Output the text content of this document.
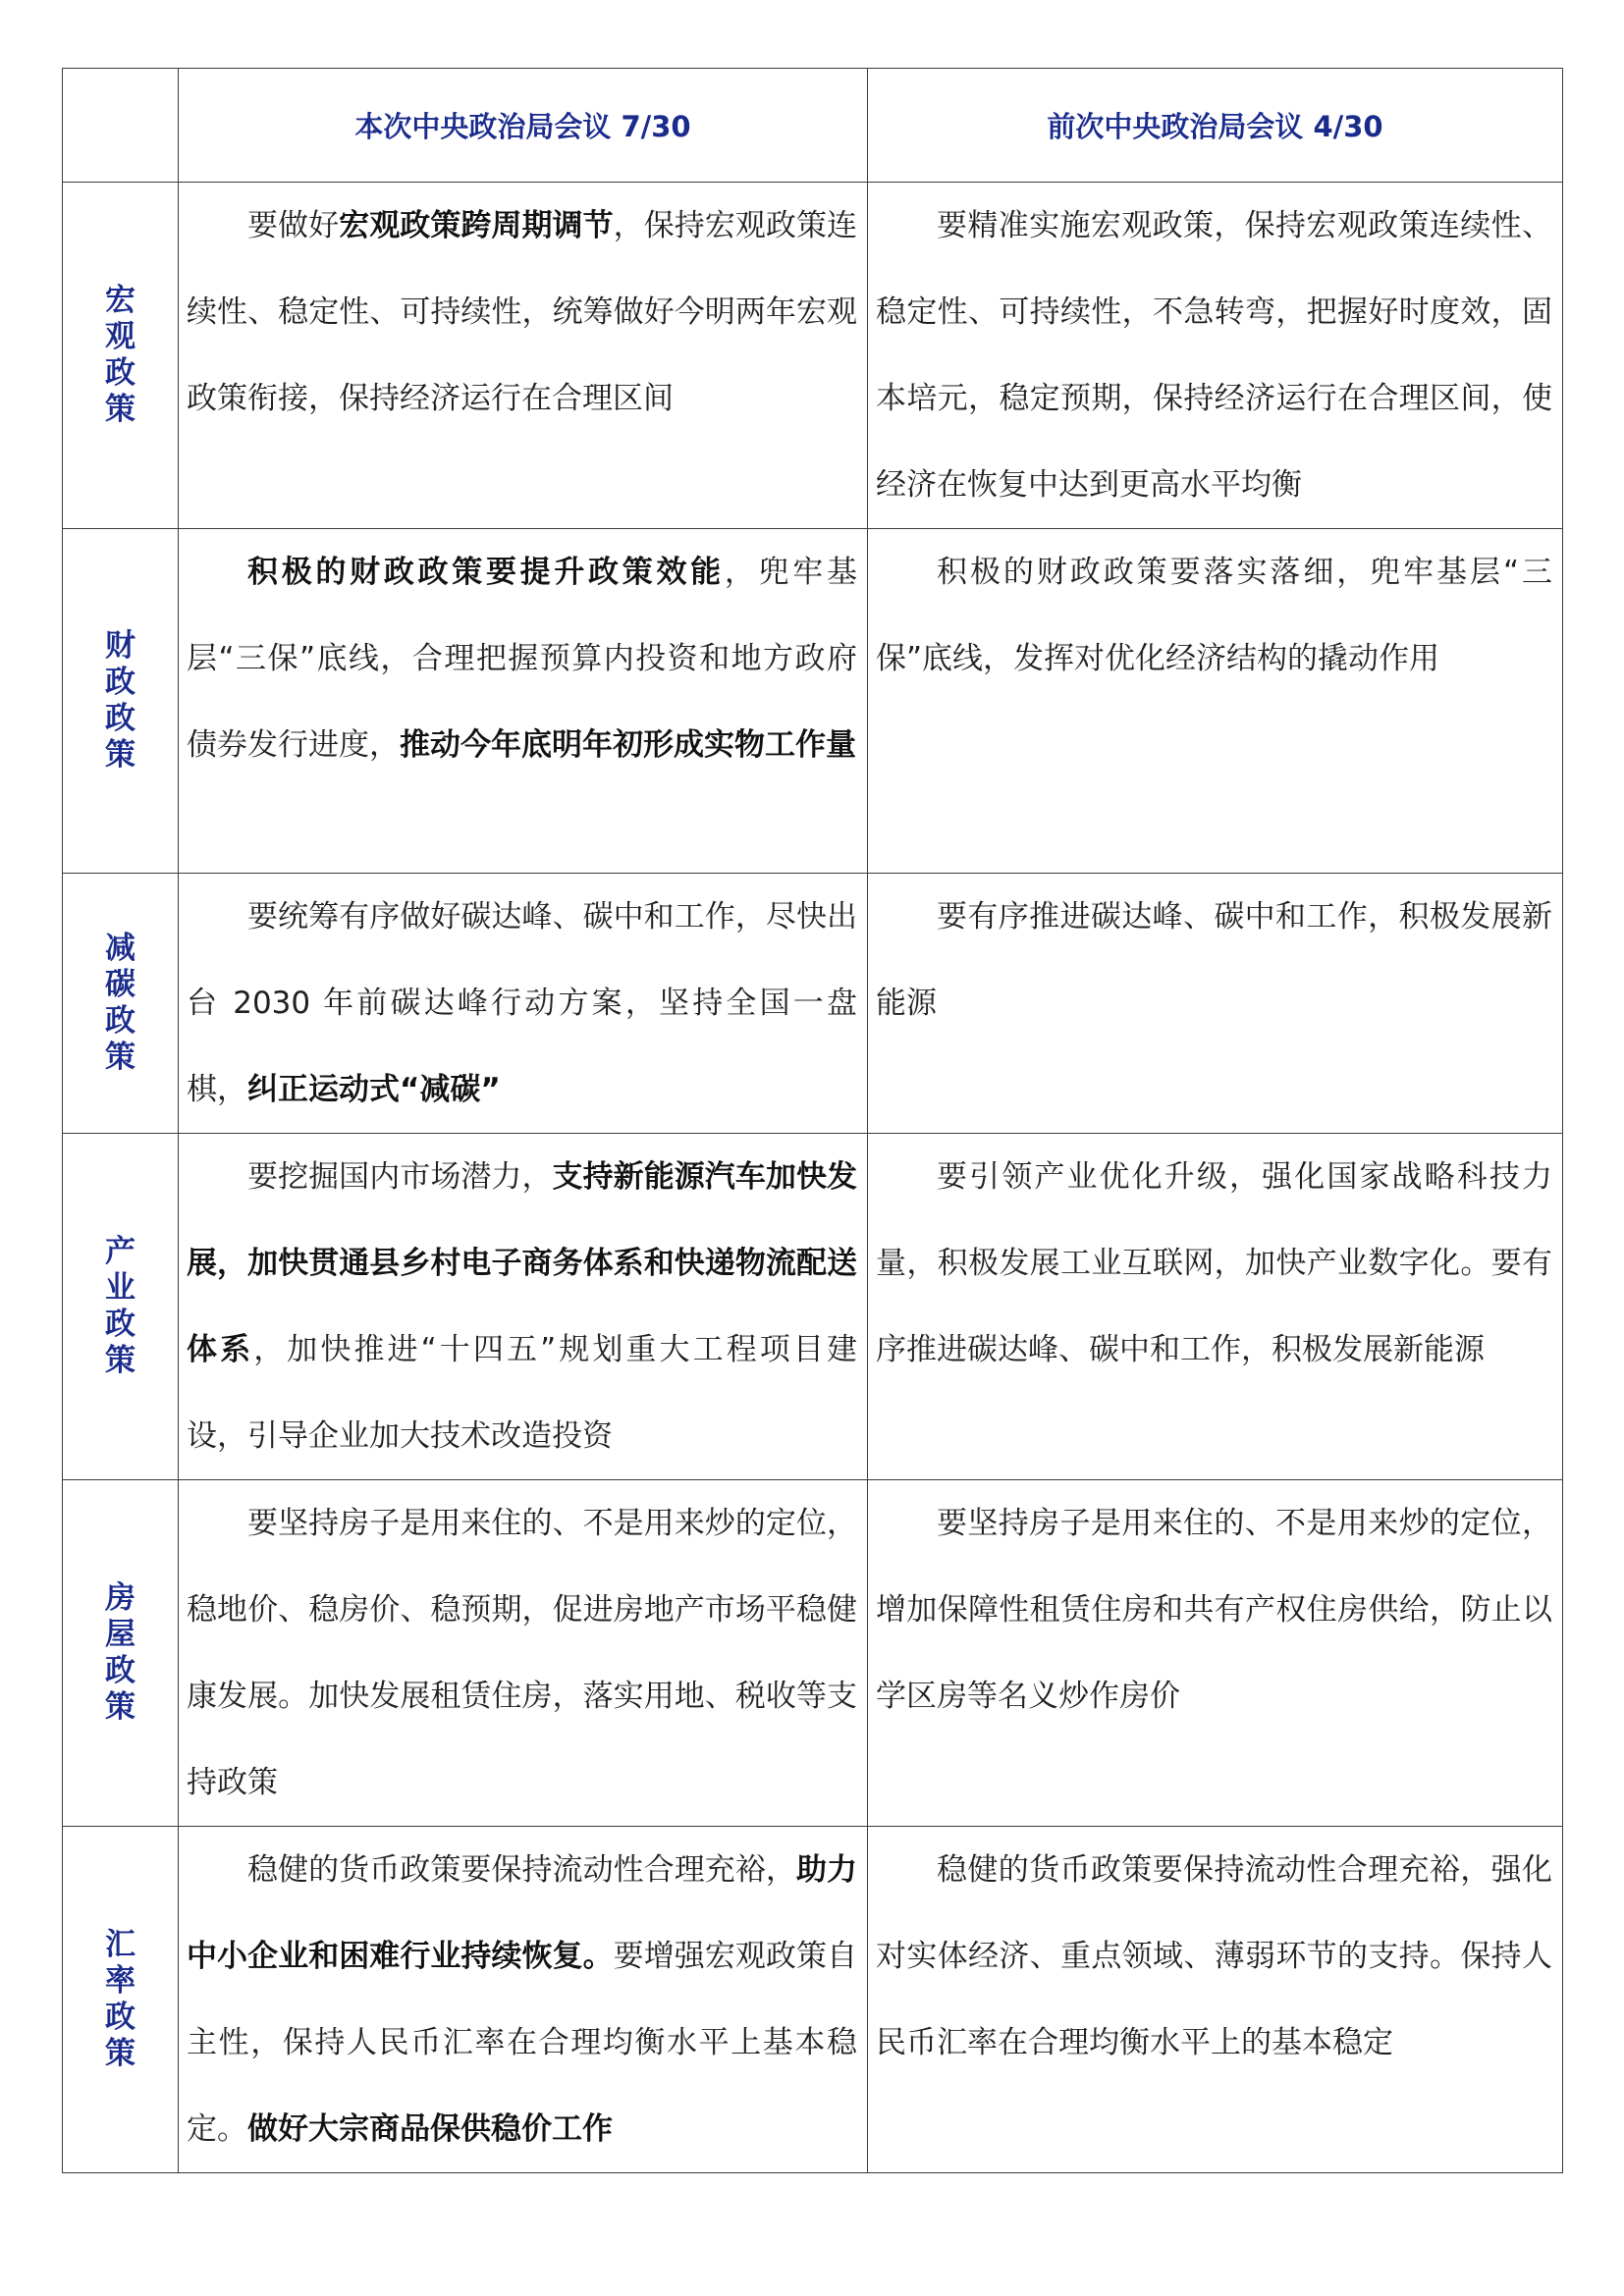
	本次中央政治局会议 7/30	前次中央政治局会议 4/30
宏观政策	要做好宏观政策跨周期调节，保持宏观政策连续性、稳定性、可持续性，统筹做好今明两年宏观政策衔接，保持经济运行在合理区间	要精准实施宏观政策，保持宏观政策连续性、稳定性、可持续性，不急转弯，把握好时度效，固本培元，稳定预期，保持经济运行在合理区间，使经济在恢复中达到更高水平均衡

财政政策	积极的财政政策要提升政策效能，兜牢基层“三保”底线，合理把握预算内投资和地方政府债券发行进度，推动今年底明年初形成实物工作量	积极的财政政策要落实落细，兜牢基层“三保”底线，发挥对优化经济结构的撬动作用

减碳政策	要统筹有序做好碳达峰、碳中和工作，尽快出台 2030 年前碳达峰行动方案，坚持全国一盘棋，纠正运动式“减碳”	要有序推进碳达峰、碳中和工作，积极发展新能源

产业政策	要挖掘国内市场潜力，支持新能源汽车加快发展，加快贯通县乡村电子商务体系和快递物流配送体系，加快推进“十四五”规划重大工程项目建设，引导企业加大技术改造投资	要引领产业优化升级，强化国家战略科技力量，积极发展工业互联网，加快产业数字化。要有序推进碳达峰、碳中和工作，积极发展新能源

房屋政策	要坚持房子是用来住的、不是用来炒的定位，稳地价、稳房价、稳预期，促进房地产市场平稳健康发展。加快发展租赁住房，落实用地、税收等支持政策	要坚持房子是用来住的、不是用来炒的定位，增加保障性租赁住房和共有产权住房供给，防止以学区房等名义炒作房价

汇率政策	稳健的货币政策要保持流动性合理充裕，助力中小企业和困难行业持续恢复。要增强宏观政策自主性，保持人民币汇率在合理均衡水平上基本稳定。做好大宗商品保供稳价工作	稳健的货币政策要保持流动性合理充裕，强化对实体经济、重点领域、薄弱环节的支持。保持人民币汇率在合理均衡水平上的基本稳定
